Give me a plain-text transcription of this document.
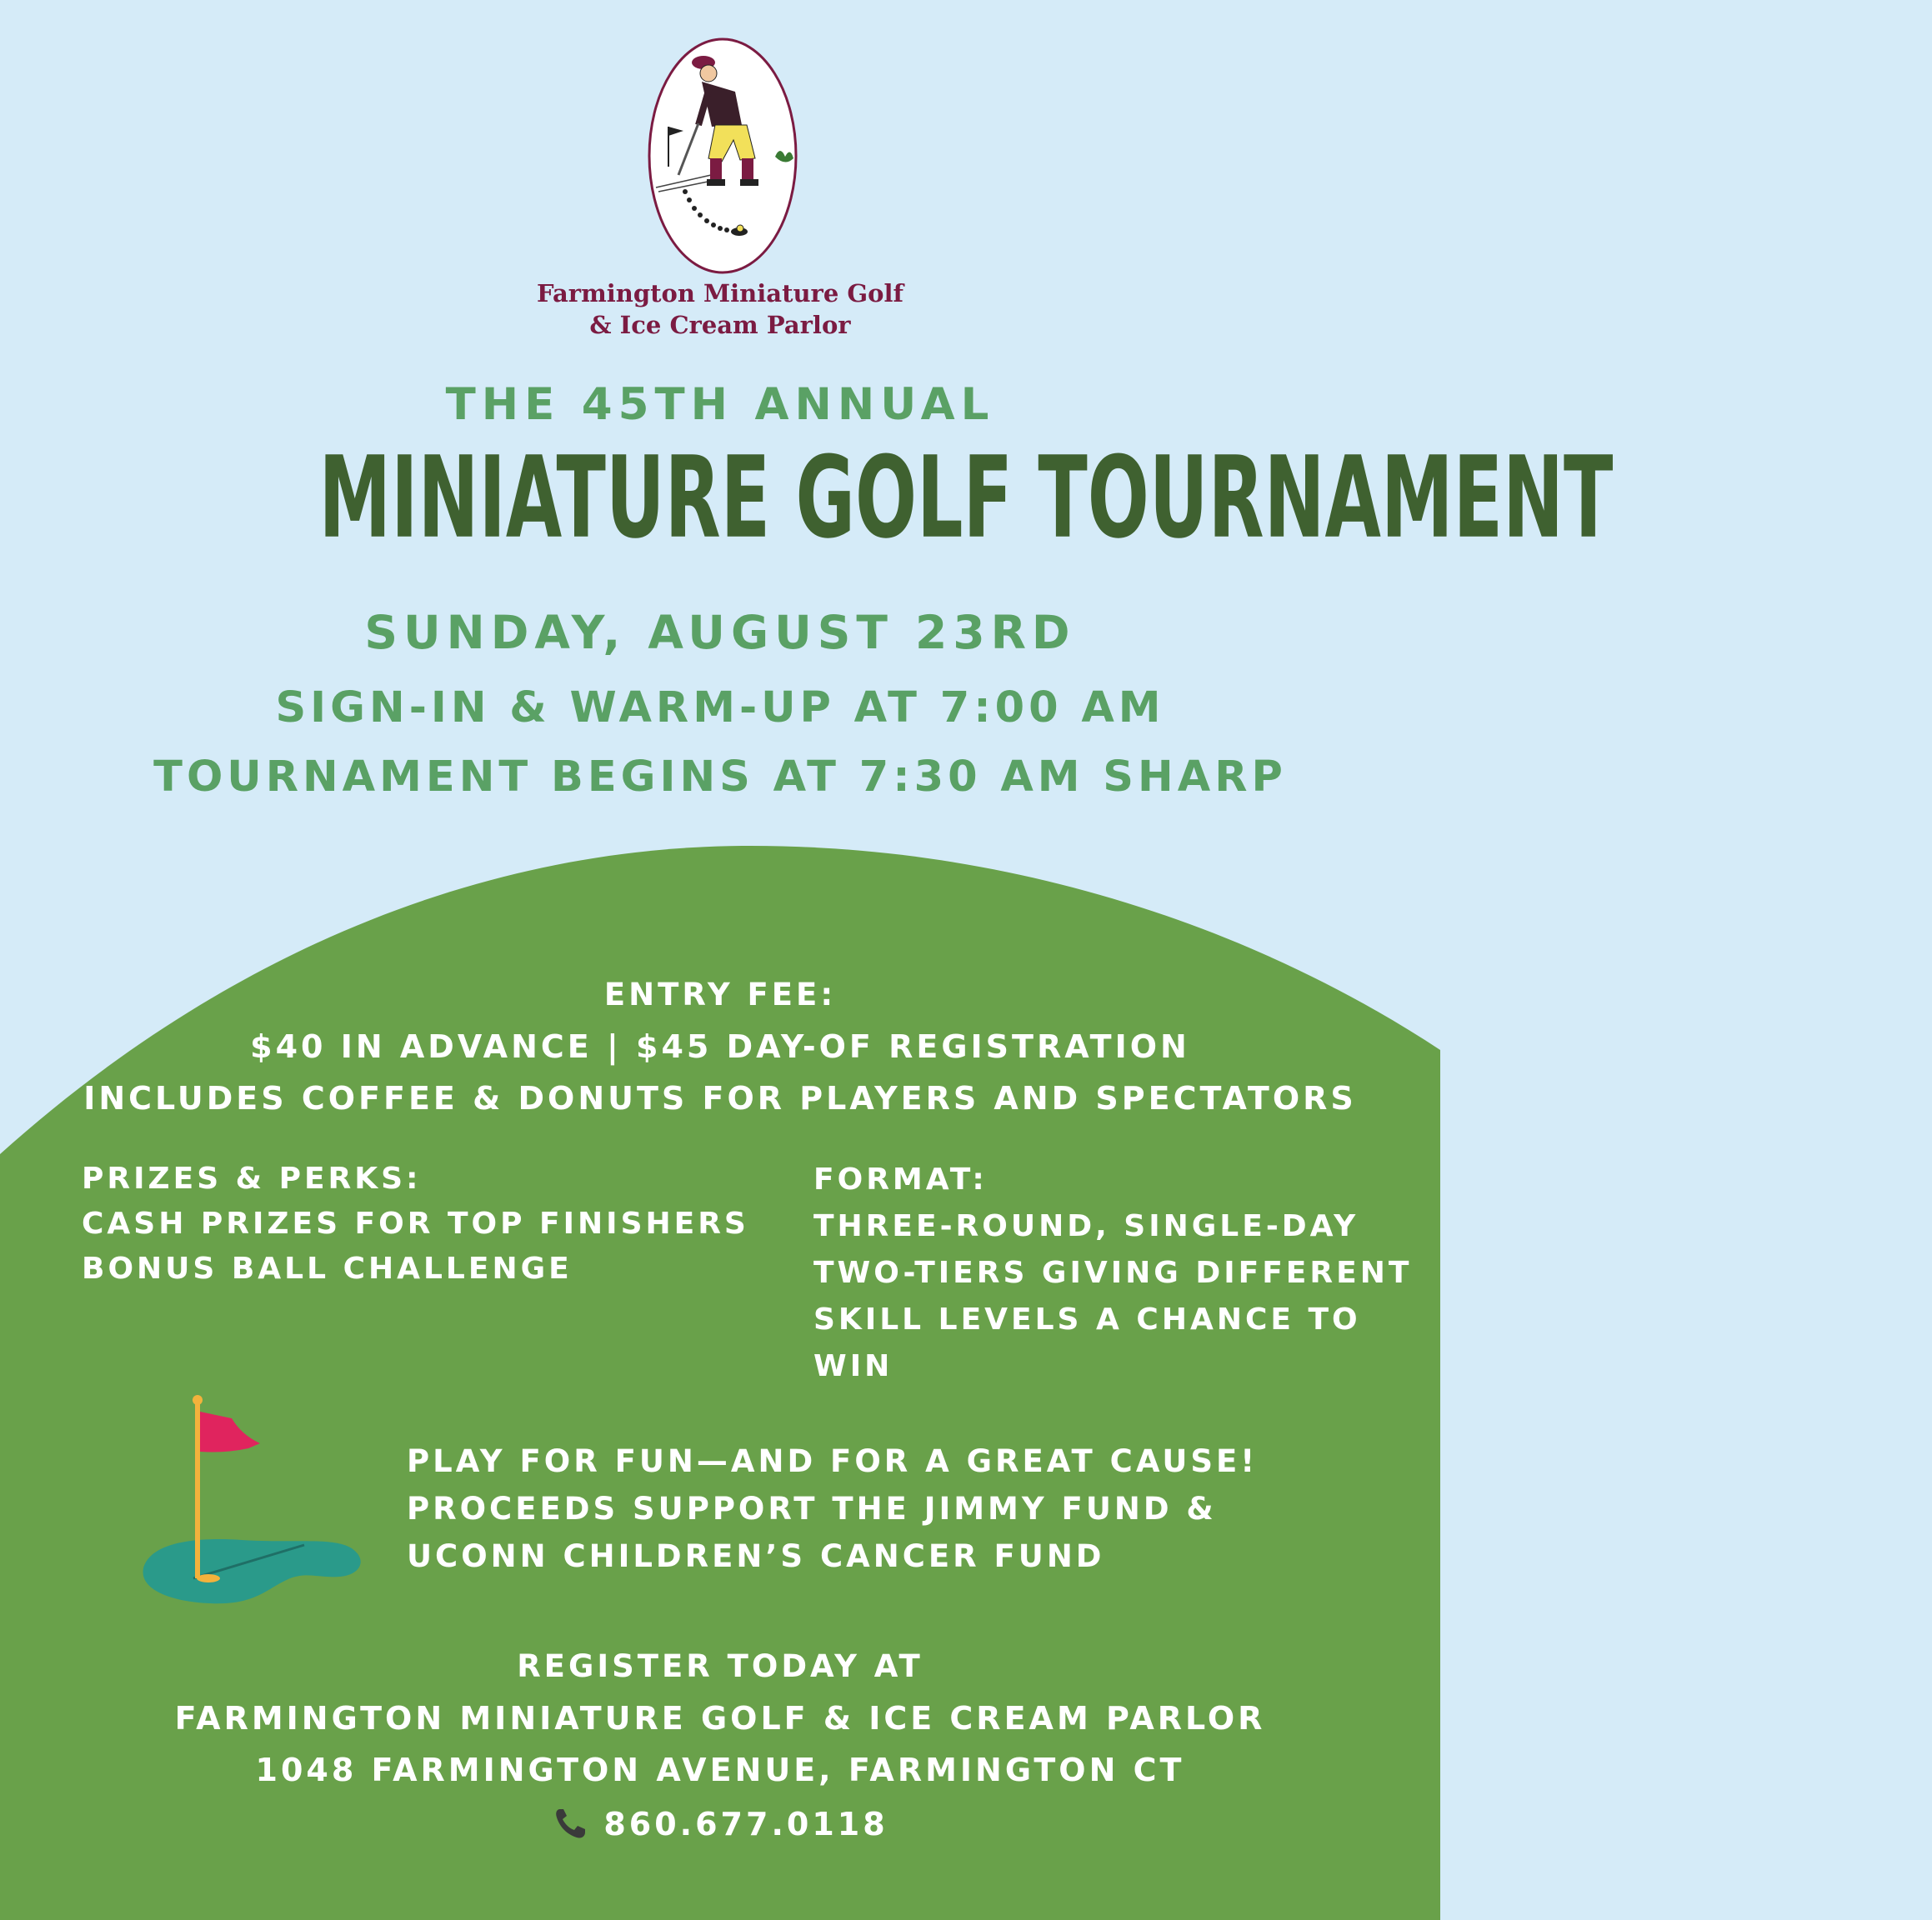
Farmington Miniature Golf
& Ice Cream Parlor
THE 45TH ANNUAL
MINIATURE GOLF TOURNAMENT
SUNDAY, AUGUST 23RD
SIGN-IN & WARM-UP AT 7:00 AM
TOURNAMENT BEGINS AT 7:30 AM SHARP
ENTRY FEE:
$40 IN ADVANCE | $45 DAY-OF REGISTRATION
INCLUDES COFFEE & DONUTS FOR PLAYERS AND SPECTATORS
PRIZES & PERKS:
CASH PRIZES FOR TOP FINISHERS
BONUS BALL CHALLENGE
FORMAT:
THREE-ROUND, SINGLE-DAY
TWO-TIERS GIVING DIFFERENT
SKILL LEVELS A CHANCE TO
WIN
PLAY FOR FUN—AND FOR A GREAT CAUSE!
PROCEEDS SUPPORT THE JIMMY FUND &
UCONN CHILDREN’S CANCER FUND
REGISTER TODAY AT
FARMINGTON MINIATURE GOLF & ICE CREAM PARLOR
1048 FARMINGTON AVENUE, FARMINGTON CT
860.677.0118
